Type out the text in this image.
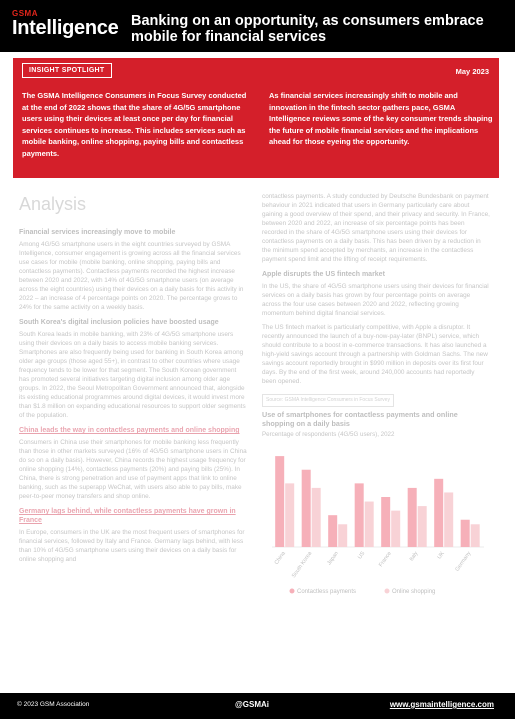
GSMA
Intelligence Banking on an opportunity, as consumers embrace mobile for financial services
INSIGHT SPOTLIGHT	May 2023
The GSMA Intelligence Consumers in Focus Survey conducted at the end of 2022 shows that the share of 4G/5G smartphone users using their devices at least once per day for financial services continues to increase. This includes services such as mobile banking, online shopping, paying bills and contactless payments.
As financial services increasingly shift to mobile and innovation in the fintech sector gathers pace, GSMA Intelligence reviews some of the key consumer trends shaping the future of mobile financial services and the implications ahead for those eyeing the opportunity.
Analysis
Financial services increasingly move to mobile

Among 4G/5G smartphone users in the eight countries surveyed by GSMA Intelligence, consumer engagement is growing across all the financial services use cases for mobile (mobile banking, online shopping, paying bills and contactless payments). Contactless payments recorded the highest increase between 2020 and 2022, with 14% of 4G/5G smartphone users (on average across the eight countries) using their devices on a daily basis for this activity in 2022 – an increase of 4 percentage points on 2020. The percentage grows to 24% for the same activity on a weekly basis.

South Korea's digital inclusion policies have boosted usage

South Korea leads in mobile banking, with 23% of 4G/5G smartphone users using their devices on a daily basis to access mobile banking services. Smartphones are also frequently being used for banking in South Korea among older age groups (those aged 55+), in contrast to other countries where usage frequency tends to be lower for that segment. The South Korean government has promoted several initiatives targeting digital inclusion among older age groups. In 2022, the Seoul Metropolitan Government announced that, alongside its existing educational programmes around digital devices, it would invest more than $1.8 million on expanding educational resources to support older segments of the population.

China leads the way in contactless payments and online shopping

Consumers in China use their smartphones for mobile banking less frequently than those in other markets surveyed (16% of 4G/5G smartphone users in China do so on a daily basis). However, China records the highest usage frequency for online shopping (14%), contactless payments (20%) and paying bills (25%). In China, there is strong penetration and use of payment apps that link to online banking, such as the superapp WeChat, with users also able to pay bills, make peer-to-peer money transfers and shop online.

Germany lags behind, while contactless payments have grown in France

In Europe, consumers in the UK are the most frequent users of smartphones for financial services, followed by Italy and France. Germany lags behind, with less than 10% of 4G/5G smartphone users using their devices on a daily basis for online shopping and

contactless payments. A study conducted by Deutsche Bundesbank on payment behaviour in 2021 indicated that users in Germany particularly care about gaining a good overview of their spend, and their privacy and security. In France, between 2020 and 2022, an increase of six percentage points has been recorded in the share of 4G/5G smartphone users using their devices for contactless payments on a daily basis. This has been driven by a reduction in the minimum spend accepted by merchants, an increase in the contactless payment spend limit and the lifting of receipt requirements.

Apple disrupts the US fintech market

In the US, the share of 4G/5G smartphone users using their devices for financial services on a daily basis has grown by four percentage points on average across the four use cases between 2020 and 2022, reflecting growing momentum behind digital financial services.

The US fintech market is particularly competitive, with Apple a disruptor. It recently announced the launch of a buy-now-pay-later (BNPL) service, which should contribute to a boost in e-commerce transactions. It has also launched a high-yield savings account through a partnership with Goldman Sachs. The new savings account reportedly brought in $990 million in deposits over its first four days. By the end of the first week, around 240,000 accounts had reportedly been opened.

Source: GSMA Intelligence Consumers in Focus Survey
Use of smartphones for contactless payments and online shopping on a daily basis
Percentage of respondents (4G/5G users), 2022
China South Korea Japan	US France	Italy	UK Germany
Contactless payments	Online shopping
© 2023 GSM Association	@GSMAi	www.gsmaintelligence.com
